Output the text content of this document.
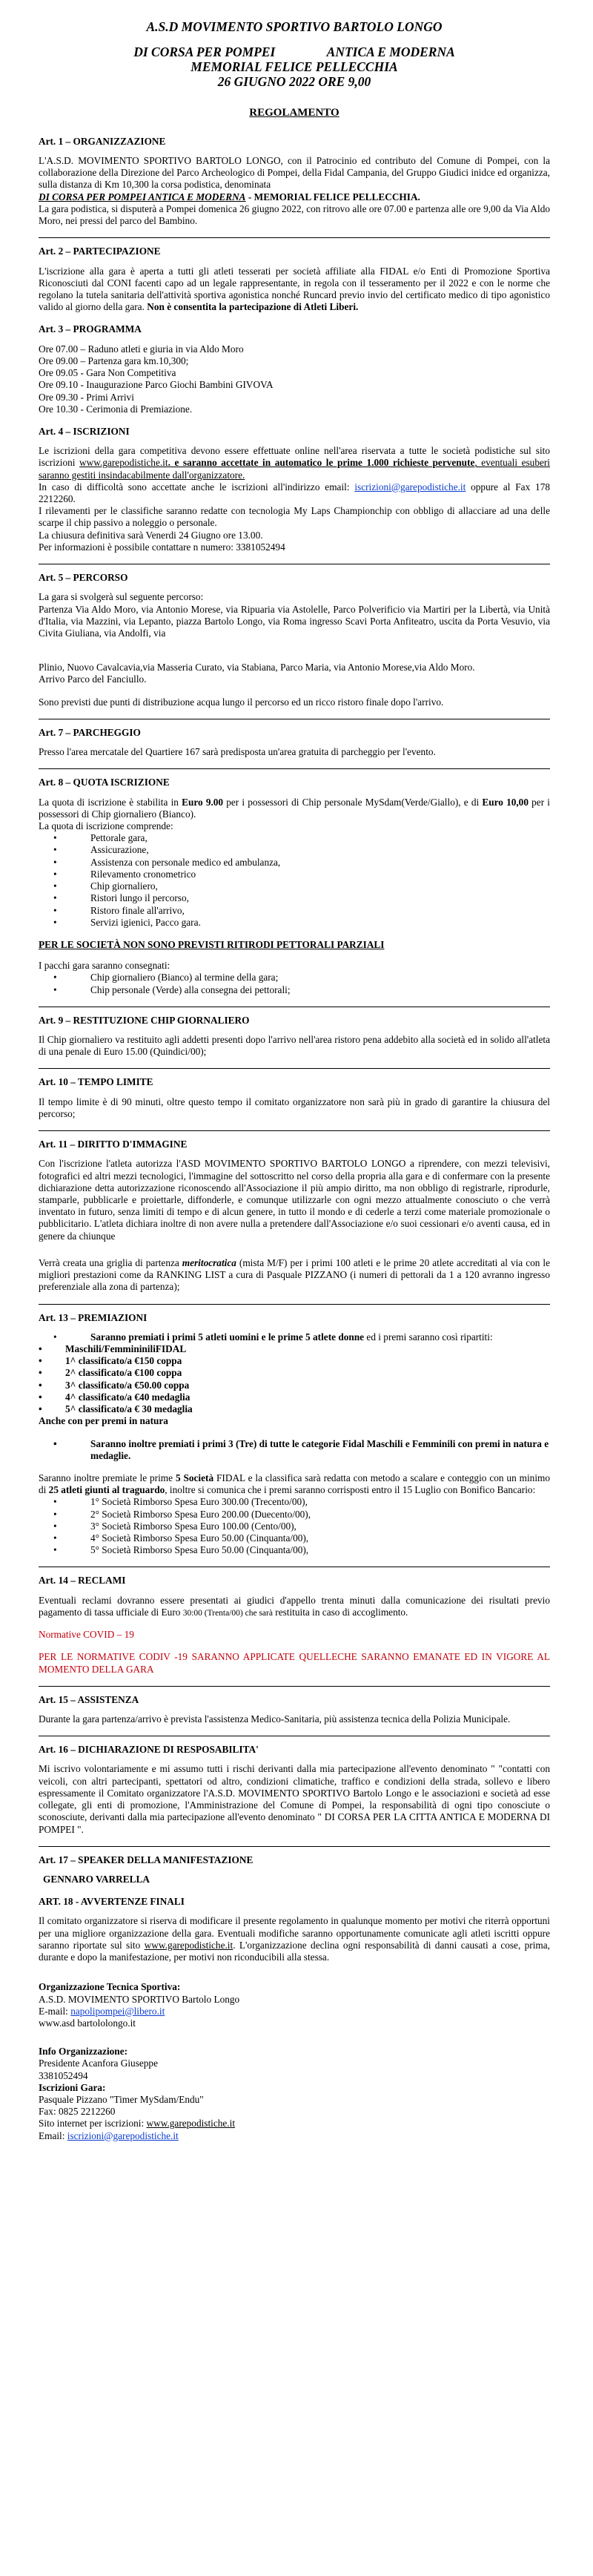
A.S.D MOVIMENTO SPORTIVO BARTOLO LONGO
DI CORSA PER POMPEI                ANTICA E MODERNA
MEMORIAL FELICE PELLECCHIA
26 GIUGNO 2022 ORE 9,00
REGOLAMENTO
Art. 1 – ORGANIZZAZIONE

L'A.S.D. MOVIMENTO SPORTIVO BARTOLO LONGO, con il Patrocinio ed contributo del Comune di Pompei, con la collaborazione della Direzione del Parco Archeologico di Pompei, della Fidal Campania, del Gruppo Giudici inidce ed organizza, sulla distanza di Km 10,300 la corsa podistica, denominata

DI CORSA PER POMPEI ANTICA E MODERNA - MEMORIAL FELICE PELLECCHIA.

La gara podistica, si disputerà a Pompei domenica 26 giugno 2022, con ritrovo alle ore 07.00 e partenza alle ore 9,00 da Via Aldo Moro, nei pressi del parco del Bambino.

Art. 2 – PARTECIPAZIONE

L'iscrizione alla gara è aperta a tutti gli atleti tesserati per società affiliate alla FIDAL e/o Enti di Promozione Sportiva Riconosciuti dal CONI facenti capo ad un legale rappresentante, in regola con il tesseramento per il 2022 e con le norme che regolano la tutela sanitaria dell'attività sportiva agonistica nonché Runcard previo invio del certificato medico di tipo agonistico valido al giorno della gara. Non è consentita la partecipazione di Atleti Liberi.

Art. 3 – PROGRAMMA
Ore 07.00 – Raduno atleti e giuria in via Aldo Moro
Ore 09.00 – Partenza gara km.10,300;
Ore 09.05 - Gara Non Competitiva
Ore 09.10 - Inaugurazione Parco Giochi Bambini GIVOVA
Ore 09.30 - Primi Arrivi
Ore 10.30 - Cerimonia di Premiazione.
Art. 4 – ISCRIZIONI

Le iscrizioni della gara competitiva devono essere effettuate online nell'area riservata a tutte le società podistiche sul sito iscrizioni www.garepodistiche.it. e saranno accettate in automatico le prime 1.000 richieste pervenute, eventuali esuberi saranno gestiti insindacabilmente dall'organizzatore.

In caso di difficoltà sono accettate anche le iscrizioni all'indirizzo email: iscrizioni@garepodistiche.it oppure al Fax 178 2212260.

I rilevamenti per le classifiche saranno redatte con tecnologia My Laps Championchip con obbligo di allacciare ad una delle scarpe il chip passivo a noleggio o personale.

La chiusura definitiva sarà Venerdi 24 Giugno ore 13.00.

Per informazioni è possibile contattare n numero: 3381052494

Art. 5 – PERCORSO

La gara si svolgerà sul seguente percorso:

Partenza Via Aldo Moro, via Antonio Morese, via Ripuaria via Astolelle, Parco Polverificio via Martiri per la Libertà, via Unità d'Italia, via Mazzini, via Lepanto, piazza Bartolo Longo, via Roma ingresso Scavi Porta Anfiteatro, uscita da Porta Vesuvio, via Civita Giuliana, via Andolfi, via

Plinio, Nuovo Cavalcavia,via Masseria Curato, via Stabiana, Parco Maria, via Antonio Morese,via Aldo Moro.

Arrivo Parco del Fanciullo.

Sono previsti due punti di distribuzione acqua lungo il percorso ed un ricco ristoro finale dopo l'arrivo.

Art. 7 – PARCHEGGIO

Presso l'area mercatale del Quartiere 167 sarà predisposta un'area gratuita di parcheggio per l'evento.

Art. 8 – QUOTA ISCRIZIONE

La quota di iscrizione è stabilita in Euro 9.00 per i possessori di Chip personale MySdam(Verde/Giallo), e di Euro 10,00 per i possessori di Chip giornaliero (Bianco).

La quota di iscrizione comprende:

• Pettorale gara,
• Assicurazione,
• Assistenza con personale medico ed ambulanza,
• Rilevamento cronometrico
• Chip giornaliero,
• Ristori lungo il percorso,
• Ristoro finale all'arrivo,
• Servizi igienici, Pacco gara.

PER LE SOCIETÀ NON SONO PREVISTI RITIRODI PETTORALI PARZIALI

I pacchi gara saranno consegnati:

• Chip giornaliero (Bianco) al termine della gara;
• Chip personale (Verde) alla consegna dei pettorali;
Art. 9 – RESTITUZIONE CHIP GIORNALIERO

Il Chip giornaliero va restituito agli addetti presenti dopo l'arrivo nell'area ristoro pena addebito alla società ed in solido all'atleta di una penale di Euro 15.00 (Quindici/00);

Art. 10 – TEMPO LIMITE

Il tempo limite è di 90 minuti, oltre questo tempo il comitato organizzatore non sarà più in grado di garantire la chiusura del percorso;

Art. 11 – DIRITTO D'IMMAGINE

Con l'iscrizione l'atleta autorizza l'ASD MOVIMENTO SPORTIVO BARTOLO LONGO a riprendere, con mezzi televisivi, fotografici ed altri mezzi tecnologici, l'immagine del sottoscritto nel corso della propria alla gara e di confermare con la presente dichiarazione detta autorizzazione riconoscendo all'Associazione il più ampio diritto, ma non obbligo di registrarle, riprodurle, stamparle, pubblicarle e proiettarle, diffonderle, e comunque utilizzarle con ogni mezzo attualmente conosciuto o che verrà inventato in futuro, senza limiti di tempo e di alcun genere, in tutto il mondo e di cederle a terzi come materiale promozionale o pubblicitario. L'atleta dichiara inoltre di non avere nulla a pretendere dall'Associazione e/o suoi cessionari e/o aventi causa, ed in genere da chiunque

Verrà creata una griglia di partenza meritocratica (mista M/F) per i primi 100 atleti e le prime 20 atlete accreditati al via con le migliori prestazioni come da RANKING LIST a cura di Pasquale PIZZANO (i numeri di pettorali da 1 a 120 avranno ingresso preferenziale alla zona di partenza);

Art. 13 – PREMIAZIONI
• Saranno premiati i primi 5 atleti uomini e le prime 5 atlete donne ed i premi saranno così ripartiti:
• Maschili/FemmininiliFIDAL
• 1^ classificato/a €150 coppa
• 2^ classificato/a €100 coppa
• 3^ classificato/a €50.00 coppa
• 4^ classificato/a €40 medaglia
• 5^ classificato/a € 30 medaglia

Anche con per premi in natura

• Saranno inoltre premiati i primi 3 (Tre) di tutte le categorie Fidal Maschili e Femminili con premi in natura e medaglie.

Saranno inoltre premiate le prime 5 Società FIDAL e la classifica sarà redatta con metodo a scalare e conteggio con un minimo di 25 atleti giunti al traguardo, inoltre si comunica che i premi saranno corrisposti entro il 15 Luglio con Bonifico Bancario:

• 1° Società Rimborso Spesa Euro 300.00 (Trecento/00),
• 2° Società Rimborso Spesa Euro 200.00 (Duecento/00),
• 3° Società Rimborso Spesa Euro 100.00 (Cento/00),
• 4° Società Rimborso Spesa Euro 50.00 (Cinquanta/00),
• 5° Società Rimborso Spesa Euro 50.00 (Cinquanta/00),
Art. 14 – RECLAMI

Eventuali reclami dovranno essere presentati ai giudici d'appello trenta minuti dalla comunicazione dei risultati previo pagamento di tassa ufficiale di Euro 30:00 (Trenta/00) che sarà restituita in caso di accoglimento.

Normative COVID – 19

PER LE NORMATIVE CODIV -19 SARANNO APPLICATE QUELLECHE SARANNO EMANATE ED IN VIGORE AL MOMENTO DELLA GARA

Art. 15 – ASSISTENZA

Durante la gara partenza/arrivo è prevista l'assistenza Medico-Sanitaria, più assistenza tecnica della Polizia Municipale.

Art. 16 – DICHIARAZIONE DI RESPOSABILITA'

Mi iscrivo volontariamente e mi assumo tutti i rischi derivanti dalla mia partecipazione all'evento denominato " "contatti con veicoli, con altri partecipanti, spettatori od altro, condizioni climatiche, traffico e condizioni della strada, sollevo e libero espressamente il Comitato organizzatore l'A.S.D. MOVIMENTO SPORTIVO Bartolo Longo e le associazioni e società ad esse collegate, gli enti di promozione, l'Amministrazione del Comune di Pompei, la responsabilità di ogni tipo conosciute o sconosciute, derivanti dalla mia partecipazione all'evento denominato " DI CORSA PER LA CITTA ANTICA E MODERNA DI POMPEI ".

Art. 17 – SPEAKER DELLA MANIFESTAZIONE
GENNARO VARRELLA
ART. 18 - AVVERTENZE FINALI

Il comitato organizzatore si riserva di modificare il presente regolamento in qualunque momento per motivi che riterrà opportuni per una migliore organizzazione della gara. Eventuali modifiche saranno opportunamente comunicate agli atleti iscritti oppure saranno riportate sul sito www.garepodistiche.it. L'organizzazione declina ogni responsabilità di danni causati a cose, prima, durante e dopo la manifestazione, per motivi non riconducibili alla stessa.

Organizzazione Tecnica Sportiva:
A.S.D. MOVIMENTO SPORTIVO Bartolo Longo
E-mail: napolipompei@libero.it
www.asd bartololongo.it
Info Organizzazione:
Presidente Acanfora Giuseppe
3381052494
Iscrizioni Gara:
Pasquale Pizzano "Timer MySdam/Endu"
Fax: 0825 2212260
Sito internet per iscrizioni: www.garepodistiche.it
Email: iscrizioni@garepodistiche.it
